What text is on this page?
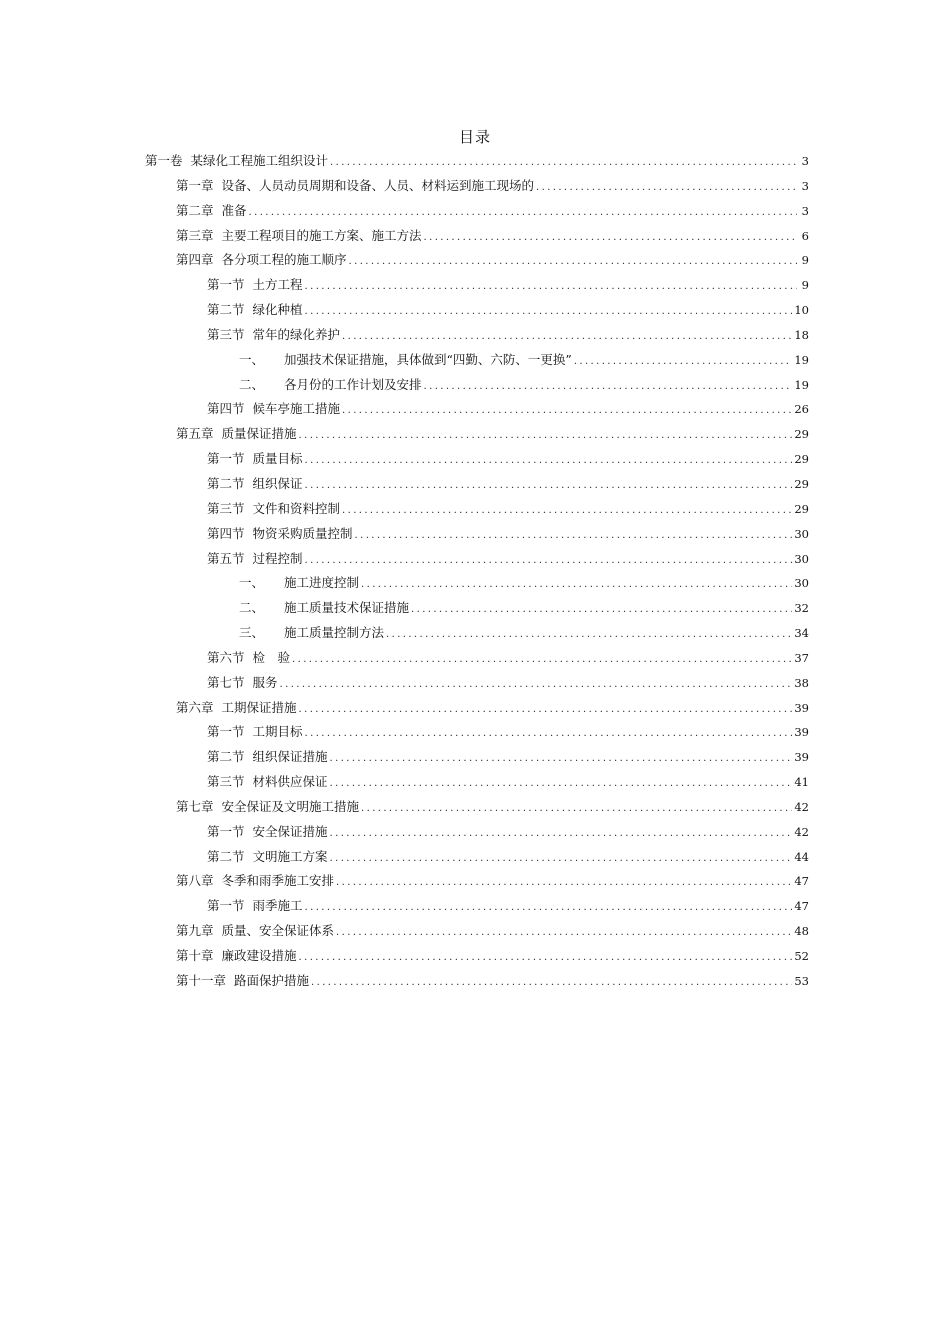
目录
第一卷 某绿化工程施工组织设计 .....	3
第一章 设备、人员动员周期和设备、人员、材料运到施工现场的 .....	3
第二章 准备 .....	3
第三章 主要工程项目的施工方案、施工方法 .....	6
第四章 各分项工程的施工顺序 .....	9
第一节 土方工程 .....	9
第二节 绿化种植 .....	10
第三节 常年的绿化养护 .....	18
一、 加强技术保证措施，具体做到“四勤、六防、一更换” .....	19
二、 各月份的工作计划及安排 .....	19
第四节 候车亭施工措施 .....	26
第五章 质量保证措施 .....	29
第一节 质量目标 .....	29
第二节 组织保证 .....	29
第三节 文件和资料控制 .....	29
第四节 物资采购质量控制 .....	30
第五节 过程控制 .....	30
一、 施工进度控制 .....	30
二、 施工质量技术保证措施 .....	32
三、 施工质量控制方法 .....	34
第六节 检　验 .....	37
第七节 服务 .....	38
第六章 工期保证措施 .....	39
第一节 工期目标 .....	39
第二节 组织保证措施 .....	39
第三节 材料供应保证 .....	41
第七章 安全保证及文明施工措施 .....	42
第一节 安全保证措施 .....	42
第二节 文明施工方案 .....	44
第八章 冬季和雨季施工安排 .....	47
第一节 雨季施工 .....	47
第九章 质量、安全保证体系 .....	48
第十章 廉政建设措施 .....	52
第十一章 路面保护措施 .....	53
